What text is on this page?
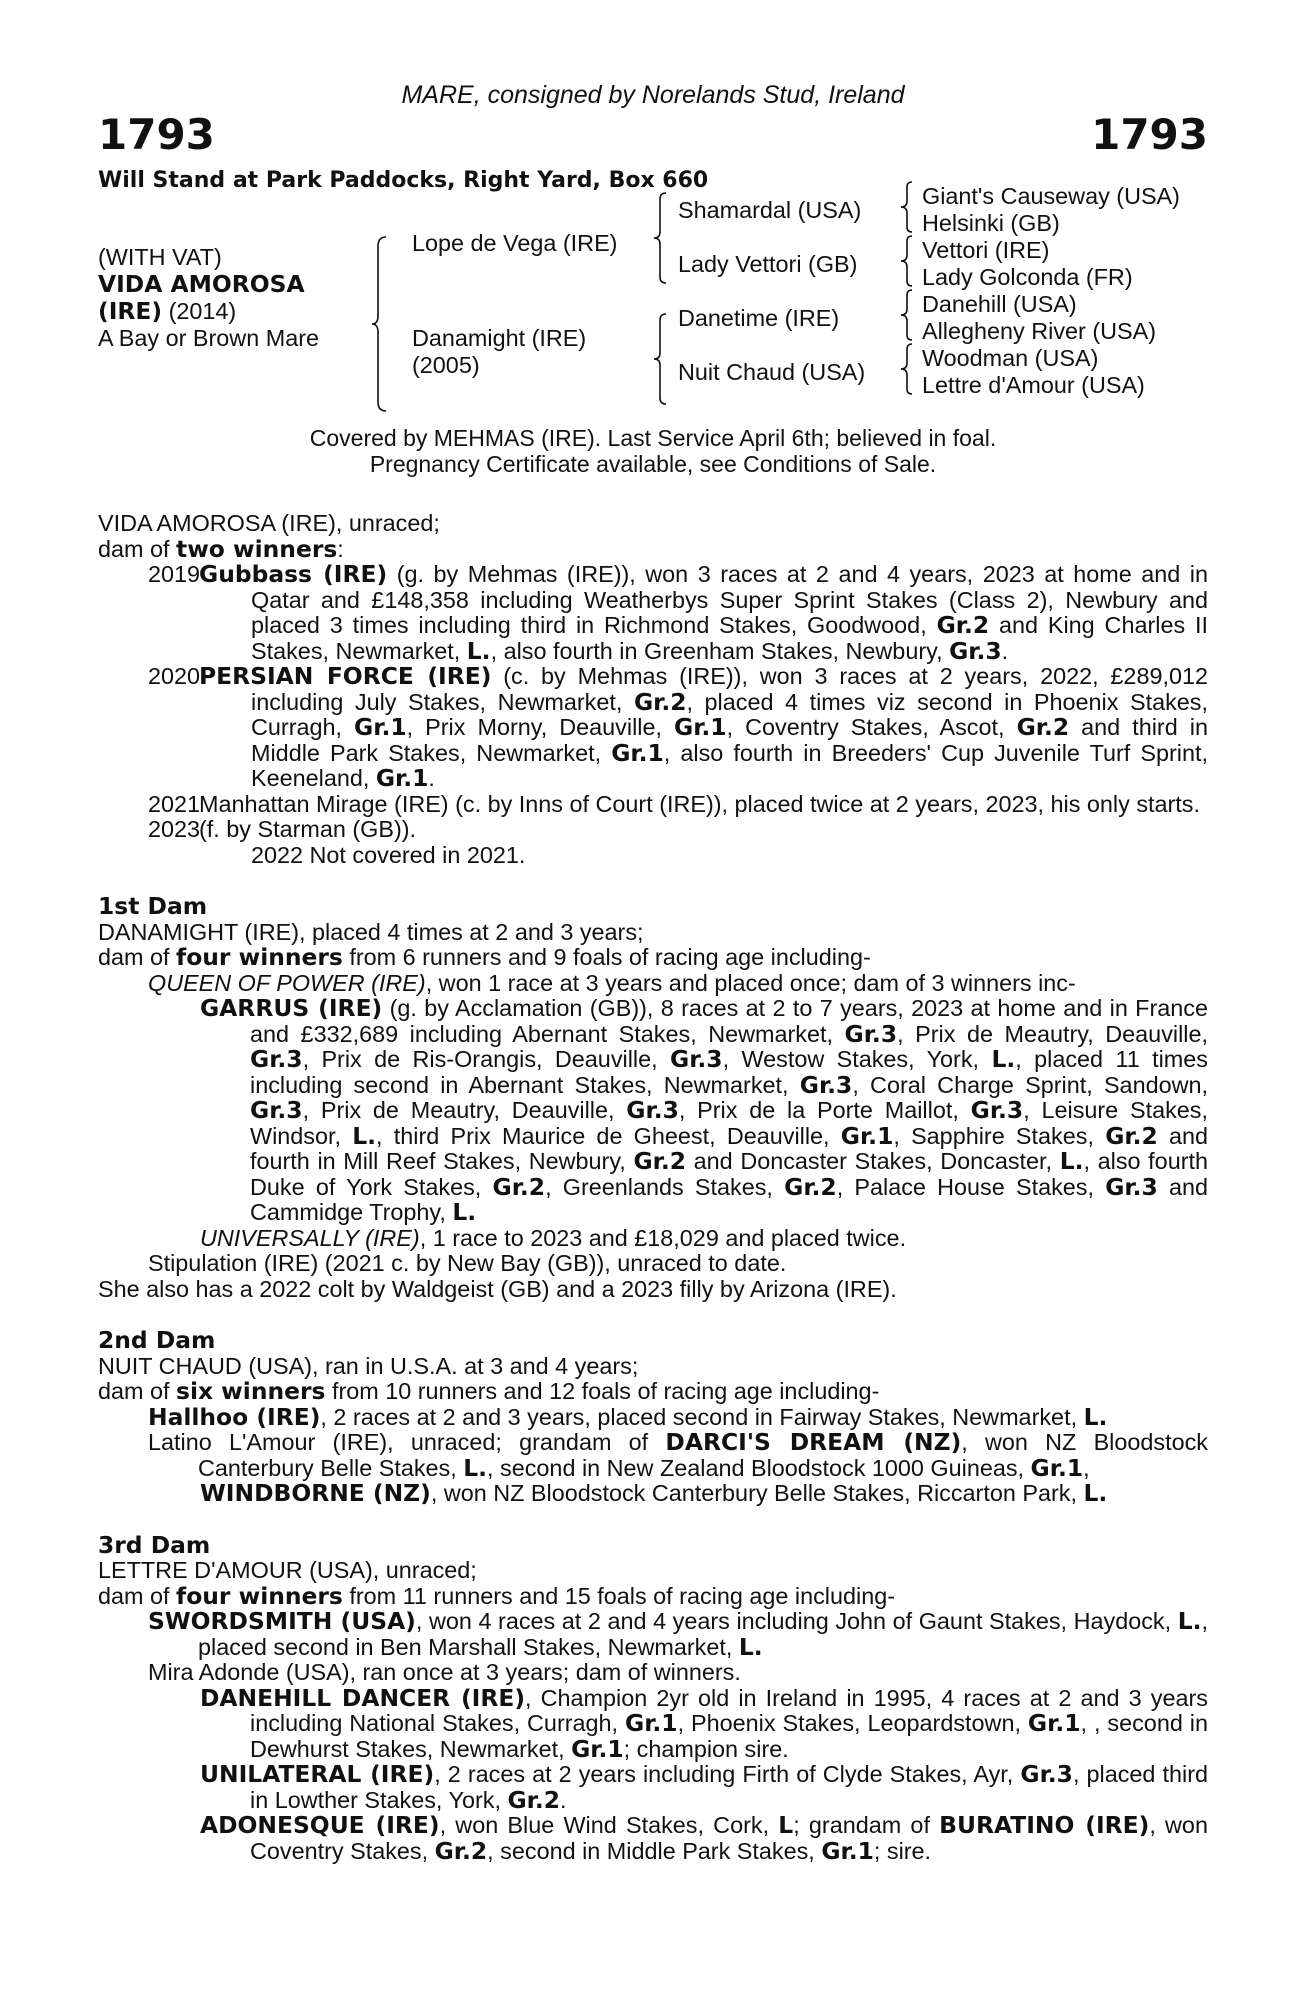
MARE, consigned by Norelands Stud, Ireland
1793	1793
Will Stand at Park Paddocks, Right Yard, Box 660
(WITH VAT)
VIDA AMOROSA
(IRE) (2014)
A Bay or Brown Mare
Lope de Vega (IRE)
Danamight (IRE)
(2005)
Shamardal (USA)
Lady Vettori (GB)
Danetime (IRE)
Nuit Chaud (USA)
Giant's Causeway (USA)
Helsinki (GB)
Vettori (IRE)
Lady Golconda (FR)
Danehill (USA)
Allegheny River (USA)
Woodman (USA)
Lettre d'Amour (USA)
Covered by MEHMAS (IRE). Last Service April 6th; believed in foal.
Pregnancy Certificate available, see Conditions of Sale.
VIDA AMOROSA (IRE), unraced;
dam of two winners:
2019
Gubbass (IRE) (g. by Mehmas (IRE)), won 3 races at 2 and 4 years, 2023 at home and in Qatar and £148,358 including Weatherbys Super Sprint Stakes (Class 2), Newbury and placed 3 times including third in Richmond Stakes, Goodwood, Gr.2 and King Charles II Stakes, Newmarket, L., also fourth in Greenham Stakes, Newbury, Gr.3.
2020
PERSIAN FORCE (IRE) (c. by Mehmas (IRE)), won 3 races at 2 years, 2022, £289,012 including July Stakes, Newmarket, Gr.2, placed 4 times viz second in Phoenix Stakes, Curragh, Gr.1, Prix Morny, Deauville, Gr.1, Coventry Stakes, Ascot, Gr.2 and third in Middle Park Stakes, Newmarket, Gr.1, also fourth in Breeders' Cup Juvenile Turf Sprint, Keeneland, Gr.1.
2021
Manhattan Mirage (IRE) (c. by Inns of Court (IRE)), placed twice at 2 years, 2023, his only starts.
2023
(f. by Starman (GB)).
2022 Not covered in 2021.
1st Dam
DANAMIGHT (IRE), placed 4 times at 2 and 3 years;
dam of four winners from 6 runners and 9 foals of racing age including-
QUEEN OF POWER (IRE), won 1 race at 3 years and placed once; dam of 3 winners inc-
GARRUS (IRE) (g. by Acclamation (GB)), 8 races at 2 to 7 years, 2023 at home and in France and £332,689 including Abernant Stakes, Newmarket, Gr.3, Prix de Meautry, Deauville, Gr.3, Prix de Ris-Orangis, Deauville, Gr.3, Westow Stakes, York, L., placed 11 times including second in Abernant Stakes, Newmarket, Gr.3, Coral Charge Sprint, Sandown, Gr.3, Prix de Meautry, Deauville, Gr.3, Prix de la Porte Maillot, Gr.3, Leisure Stakes, Windsor, L., third Prix Maurice de Gheest, Deauville, Gr.1, Sapphire Stakes, Gr.2 and fourth in Mill Reef Stakes, Newbury, Gr.2 and Doncaster Stakes, Doncaster, L., also fourth Duke of York Stakes, Gr.2, Greenlands Stakes, Gr.2, Palace House Stakes, Gr.3 and Cammidge Trophy, L.
UNIVERSALLY (IRE), 1 race to 2023 and £18,029 and placed twice.
Stipulation (IRE) (2021 c. by New Bay (GB)), unraced to date.
She also has a 2022 colt by Waldgeist (GB) and a 2023 filly by Arizona (IRE).
2nd Dam
NUIT CHAUD (USA), ran in U.S.A. at 3 and 4 years;
dam of six winners from 10 runners and 12 foals of racing age including-
Hallhoo (IRE), 2 races at 2 and 3 years, placed second in Fairway Stakes, Newmarket, L.
Latino L'Amour (IRE), unraced; grandam of DARCI'S DREAM (NZ), won NZ Bloodstock Canterbury Belle Stakes, L., second in New Zealand Bloodstock 1000 Guineas, Gr.1,
WINDBORNE (NZ), won NZ Bloodstock Canterbury Belle Stakes, Riccarton Park, L.
3rd Dam
LETTRE D'AMOUR (USA), unraced;
dam of four winners from 11 runners and 15 foals of racing age including-
SWORDSMITH (USA), won 4 races at 2 and 4 years including John of Gaunt Stakes, Haydock, L., placed second in Ben Marshall Stakes, Newmarket, L.
Mira Adonde (USA), ran once at 3 years; dam of winners.
DANEHILL DANCER (IRE), Champion 2yr old in Ireland in 1995, 4 races at 2 and 3 years including National Stakes, Curragh, Gr.1, Phoenix Stakes, Leopardstown, Gr.1, , second in Dewhurst Stakes, Newmarket, Gr.1; champion sire.
UNILATERAL (IRE), 2 races at 2 years including Firth of Clyde Stakes, Ayr, Gr.3, placed third in Lowther Stakes, York, Gr.2.
ADONESQUE (IRE), won Blue Wind Stakes, Cork, L; grandam of BURATINO (IRE), won Coventry Stakes, Gr.2, second in Middle Park Stakes, Gr.1; sire.
